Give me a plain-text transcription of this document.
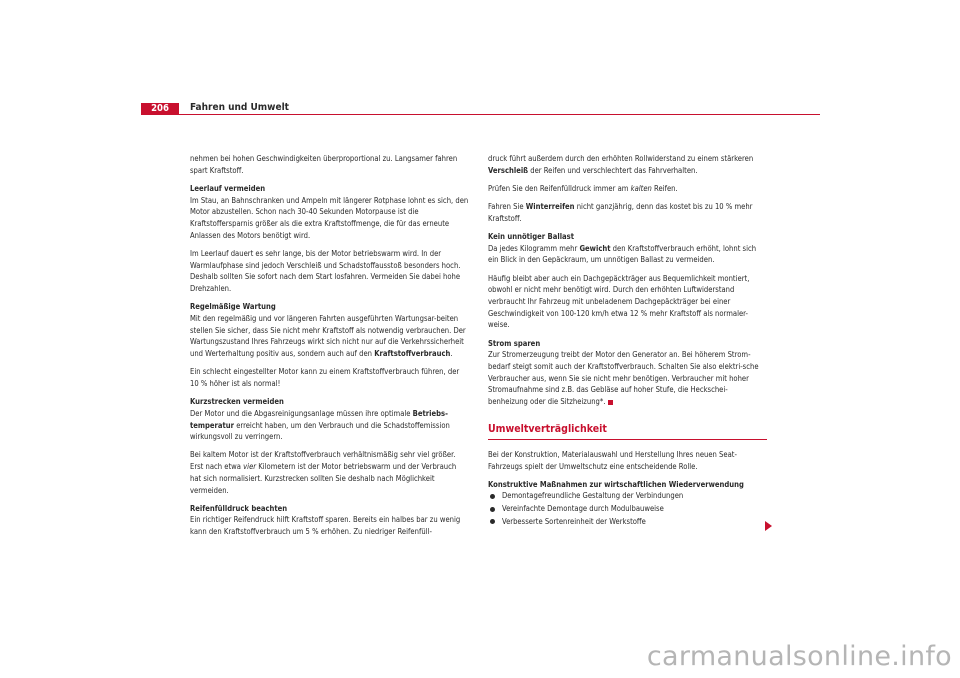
206	Fahren und Umwelt

nehmen bei hohen Geschwindigkeiten überproportional zu. Langsamer fahren spart Kraftstoff.

Leerlauf vermeiden

Im Stau, an Bahnschranken und Ampeln mit längerer Rotphase lohnt es sich, den Motor abzustellen. Schon nach 30-40 Sekunden Motorpause ist die Kraftstoffersparnis größer als die extra Kraftstoffmenge, die für das erneute Anlassen des Motors benötigt wird.

Im Leerlauf dauert es sehr lange, bis der Motor betriebswarm wird. In der Warmlaufphase sind jedoch Verschleiß und Schadstoffausstoß besonders hoch. Deshalb sollten Sie sofort nach dem Start losfahren. Vermeiden Sie dabei hohe Drehzahlen.

Regelmäßige Wartung

Mit den regelmäßig und vor längeren Fahrten ausgeführten Wartungsar-beiten stellen Sie sicher, dass Sie nicht mehr Kraftstoff als notwendig verbrauchen. Der Wartungszustand Ihres Fahrzeugs wirkt sich nicht nur auf die Verkehrssicherheit und Werterhaltung positiv aus, sondern auch auf den Kraftstoffverbrauch.

Ein schlecht eingestellter Motor kann zu einem Kraftstoffverbrauch führen, der 10 % höher ist als normal!

Kurzstrecken vermeiden

Der Motor und die Abgasreinigungsanlage müssen ihre optimale Betriebs-temperatur erreicht haben, um den Verbrauch und die Schadstoffemission wirkungsvoll zu verringern.

Bei kaltem Motor ist der Kraftstoffverbrauch verhältnismäßig sehr viel größer. Erst nach etwa vier Kilometern ist der Motor betriebswarm und der Verbrauch hat sich normalisiert. Kurzstrecken sollten Sie deshalb nach Möglichkeit vermeiden.

Reifenfülldruck beachten

Ein richtiger Reifendruck hilft Kraftstoff sparen. Bereits ein halbes bar zu wenig kann den Kraftstoffverbrauch um 5 % erhöhen. Zu niedriger Reifenfüll-

druck führt außerdem durch den erhöhten Rollwiderstand zu einem stärkeren Verschleiß der Reifen und verschlechtert das Fahrverhalten.

Prüfen Sie den Reifenfülldruck immer am kalten Reifen.

Fahren Sie Winterreifen nicht ganzjährig, denn das kostet bis zu 10 % mehr Kraftstoff.

Kein unnötiger Ballast

Da jedes Kilogramm mehr Gewicht den Kraftstoffverbrauch erhöht, lohnt sich ein Blick in den Gepäckraum, um unnötigen Ballast zu vermeiden.

Häufig bleibt aber auch ein Dachgepäckträger aus Bequemlichkeit montiert, obwohl er nicht mehr benötigt wird. Durch den erhöhten Luftwiderstand verbraucht Ihr Fahrzeug mit unbeladenem Dachgepäckträger bei einer Geschwindigkeit von 100-120 km/h etwa 12 % mehr Kraftstoff als normaler-weise.

Strom sparen

Zur Stromerzeugung treibt der Motor den Generator an. Bei höherem Strom-bedarf steigt somit auch der Kraftstoffverbrauch. Schalten Sie also elektri-sche Verbraucher aus, wenn Sie sie nicht mehr benötigen. Verbraucher mit hoher Stromaufnahme sind z.B. das Gebläse auf hoher Stufe, die Heckschei-benheizung oder die Sitzheizung*.

Umweltverträglichkeit

Bei der Konstruktion, Materialauswahl und Herstellung Ihres neuen Seat-Fahrzeugs spielt der Umweltschutz eine entscheidende Rolle.

Konstruktive Maßnahmen zur wirtschaftlichen Wiederverwendung
Demontagefreundliche Gestaltung der Verbindungen
Vereinfachte Demontage durch Modulbauweise
Verbesserte Sortenreinheit der Werkstoffe
carmanualsonline.info
